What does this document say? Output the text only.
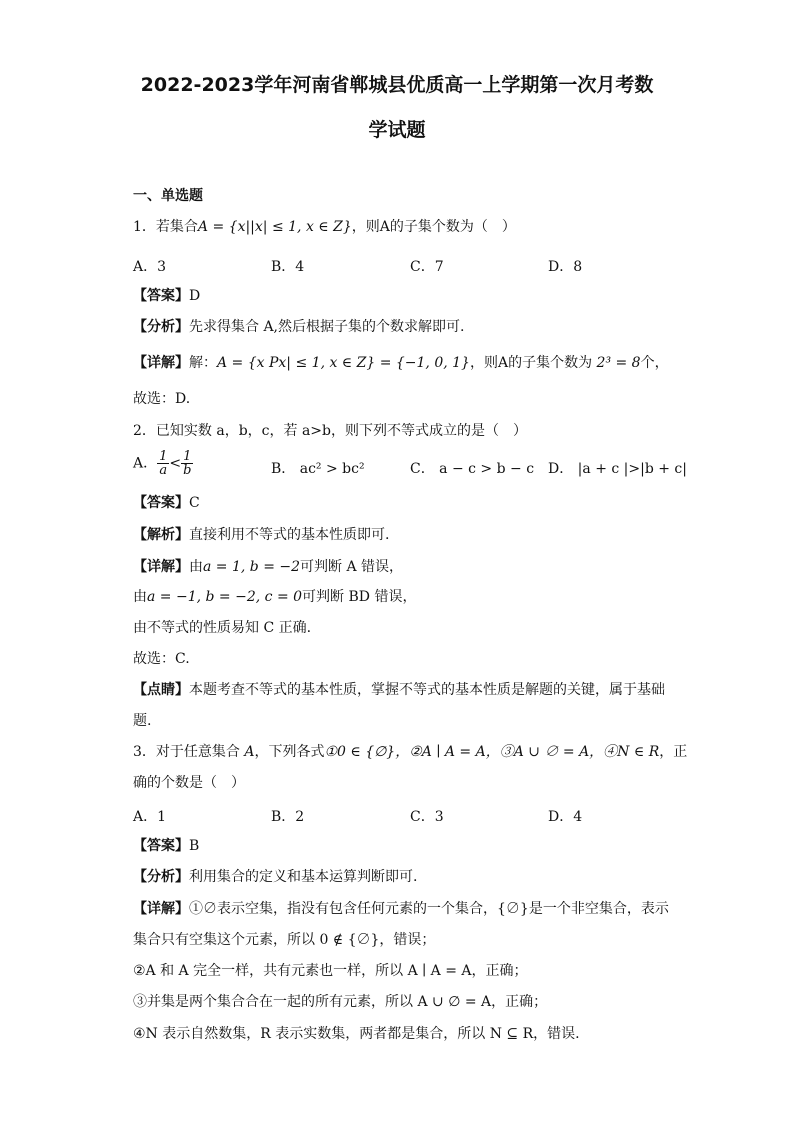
2022-2023学年河南省郸城县优质高一上学期第一次月考数
学试题
一、单选题
1．若集合A = {x||x| ≤ 1, x ∈ Z}，则A的子集个数为（　）
A．3	B．4	C．7	D．8
【答案】D
【分析】先求得集合 A,然后根据子集的个数求解即可.
【详解】解：A = {x Px| ≤ 1, x ∈ Z} = {−1, 0, 1}，则A的子集个数为 2³ = 8个，
故选：D.
2．已知实数 a，b，c，若 a>b，则下列不等式成立的是（　）
A． $\frac{1}{a} < \frac{1}{b}$	B． ac² > bc²	C． a − c > b − c D． |a + c |>|b + c|
【答案】C
【解析】直接利用不等式的基本性质即可.
【详解】由a = 1, b = −2可判断 A 错误，
由a = −1, b = −2, c = 0可判断 BD 错误，
由不等式的性质易知 C 正确.
故选：C.
【点睛】本题考查不等式的基本性质，掌握不等式的基本性质是解题的关键，属于基础
题.
3．对于任意集合 A，下列各式①0 ∈ {∅}，②A ∣ A = A，③A ∪ ∅ = A，④N ∈ R，正
确的个数是（　）
A．1	B．2	C．3	D．4
【答案】B
【分析】利用集合的定义和基本运算判断即可.
【详解】①∅表示空集，指没有包含任何元素的一个集合，{∅}是一个非空集合，表示
集合只有空集这个元素，所以 0 ∉ {∅}，错误；
②A 和 A 完全一样，共有元素也一样，所以 A ∣ A = A，正确；
③并集是两个集合合在一起的所有元素，所以 A ∪ ∅ = A，正确；
④N 表示自然数集，R 表示实数集，两者都是集合，所以 N ⊆ R，错误.
